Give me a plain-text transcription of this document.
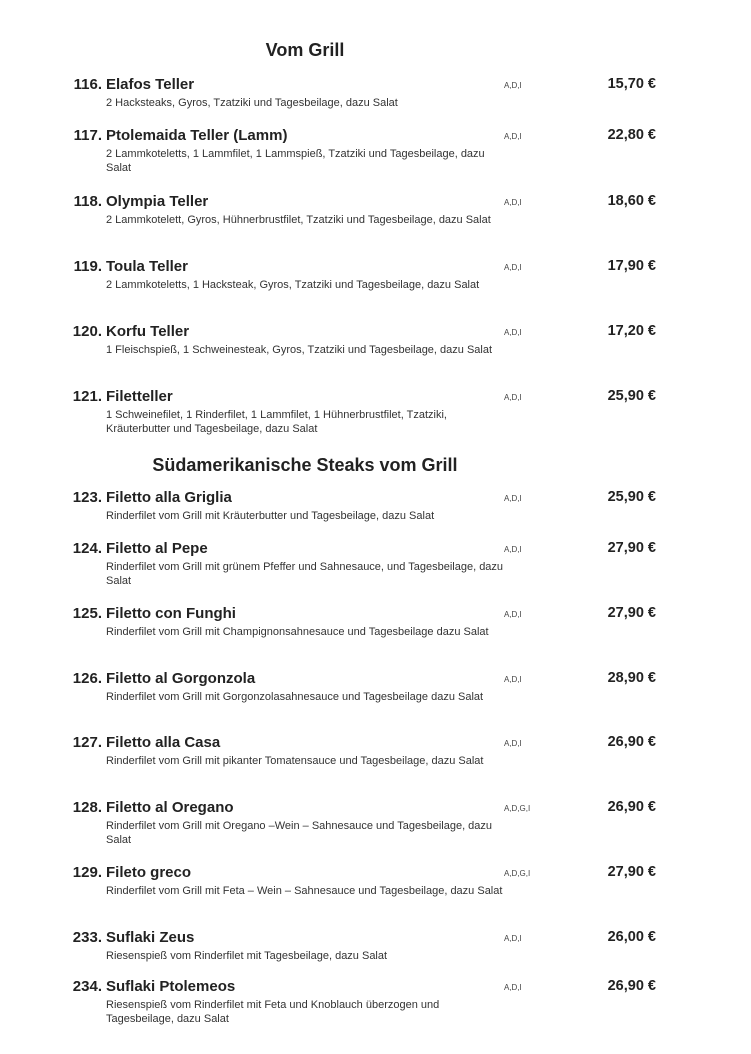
Vom Grill
116. Elafos Teller	A,D,I	15,70 €
2 Hacksteaks, Gyros, Tzatziki und Tagesbeilage, dazu Salat
117. Ptolemaida Teller (Lamm)	A,D,I	22,80 €
2 Lammkoteletts, 1 Lammfilet, 1 Lammspieß, Tzatziki und Tagesbeilage, dazu Salat
118. Olympia Teller	A,D,I	18,60 €
2 Lammkotelett, Gyros, Hühnerbrustfilet, Tzatziki und Tagesbeilage, dazu Salat
119. Toula Teller	A,D,I	17,90 €
2 Lammkoteletts, 1 Hacksteak, Gyros, Tzatziki und Tagesbeilage, dazu Salat
120. Korfu Teller	A,D,I	17,20 €
1 Fleischspieß, 1 Schweinesteak, Gyros, Tzatziki und Tagesbeilage, dazu Salat
121. Filetteller	A,D,I	25,90 €
1 Schweinefilet, 1 Rinderfilet, 1 Lammfilet, 1 Hühnerbrustfilet, Tzatziki, Kräuterbutter und Tagesbeilage, dazu Salat
Südamerikanische Steaks vom Grill
123. Filetto alla Griglia	A,D,I	25,90 €
Rinderfilet vom Grill mit Kräuterbutter und Tagesbeilage, dazu Salat
124. Filetto al Pepe	A,D,I	27,90 €
Rinderfilet vom Grill mit grünem Pfeffer und Sahnesauce, und Tagesbeilage, dazu Salat
125. Filetto con Funghi	A,D,I	27,90 €
Rinderfilet vom Grill mit Champignonsahnesauce und Tagesbeilage dazu Salat
126. Filetto al Gorgonzola	A,D,I	28,90 €
Rinderfilet vom Grill mit Gorgonzolasahnesauce und Tagesbeilage dazu Salat
127. Filetto alla Casa	A,D,I	26,90 €
Rinderfilet vom Grill mit pikanter Tomatensauce und Tagesbeilage, dazu Salat
128. Filetto al Oregano	A,D,G,I	26,90 €
Rinderfilet vom Grill mit Oregano –Wein – Sahnesauce und Tagesbeilage, dazu Salat
129. Fileto greco	A,D,G,I	27,90 €
Rinderfilet vom Grill mit Feta – Wein – Sahnesauce und Tagesbeilage, dazu Salat
233. Suflaki Zeus	A,D,I	26,00 €
Riesenspieß vom Rinderfilet mit Tagesbeilage, dazu Salat
234. Suflaki Ptolemeos	A,D,I	26,90 €
Riesenspieß vom Rinderfilet mit Feta und Knoblauch überzogen und Tagesbeilage, dazu Salat
